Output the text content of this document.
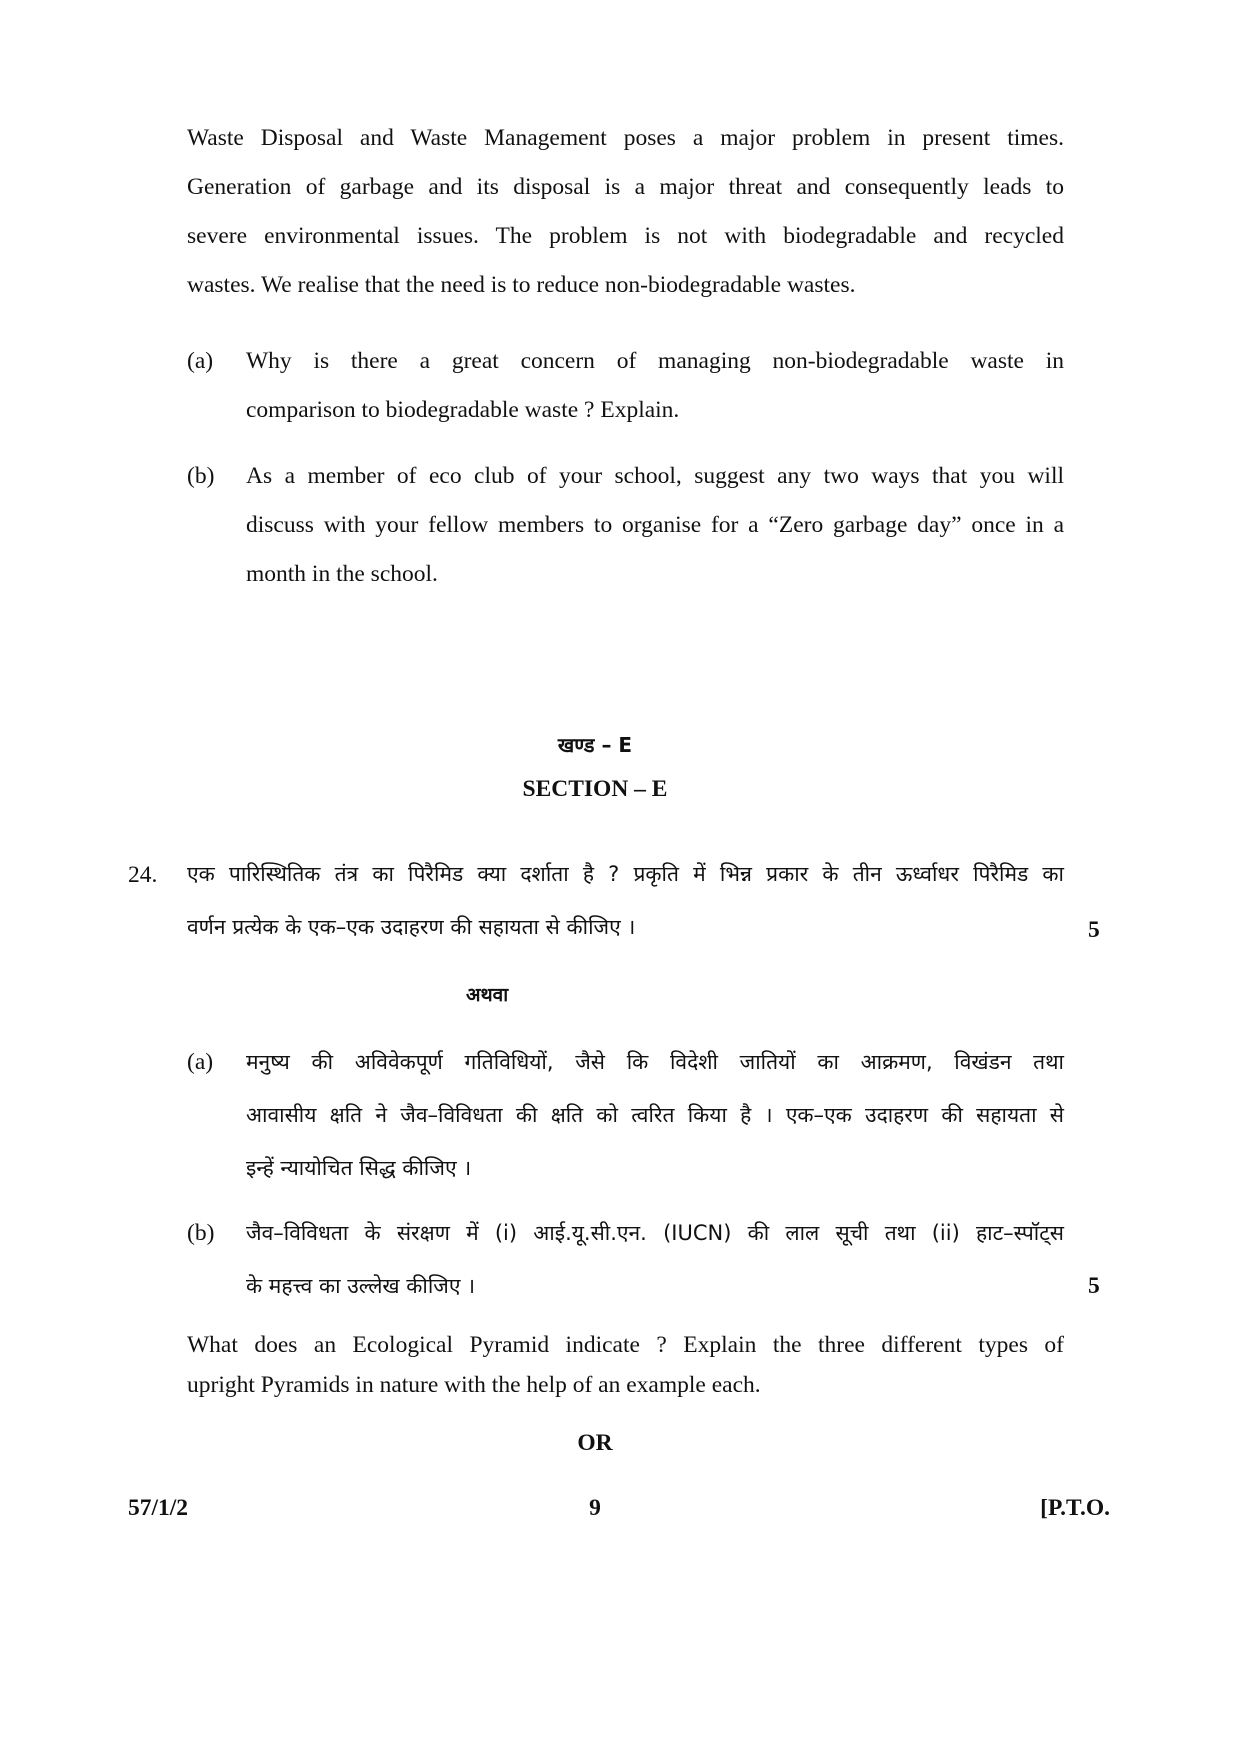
Waste Disposal and Waste Management poses a major problem in present times.
Generation of garbage and its disposal is a major threat and consequently leads to
severe environmental issues. The problem is not with biodegradable and recycled
wastes. We realise that the need is to reduce non-biodegradable wastes.
(a)	Why is there a great concern of managing non-biodegradable waste in
comparison to biodegradable waste ? Explain.
(b)	As a member of eco club of your school, suggest any two ways that you will
discuss with your fellow members to organise for a “Zero garbage day” once in a
month in the school.
खण्ड – E
SECTION – E
24. एक पारिस्थितिक तंत्र का पिरैमिड क्या दर्शाता है ? प्रकृति में भिन्न प्रकार के तीन ऊर्ध्वाधर पिरैमिड का
वर्णन प्रत्येक के एक–एक उदाहरण की सहायता से कीजिए ।	5
अथवा
(a)	मनुष्य की अविवेकपूर्ण गतिविधियों, जैसे कि विदेशी जातियों का आक्रमण, विखंडन तथा
आवासीय क्षति ने जैव–विविधता की क्षति को त्वरित किया है । एक–एक उदाहरण की सहायता से
इन्हें न्यायोचित सिद्ध कीजिए ।
(b)	जैव–विविधता के संरक्षण में (i) आई.यू.सी.एन. (IUCN) की लाल सूची तथा (ii) हाट–स्पॉट्स
के महत्त्व का उल्लेख कीजिए ।	5
What does an Ecological Pyramid indicate ? Explain the three different types of
upright Pyramids in nature with the help of an example each.
OR
57/1/2	9	[P.T.O.
